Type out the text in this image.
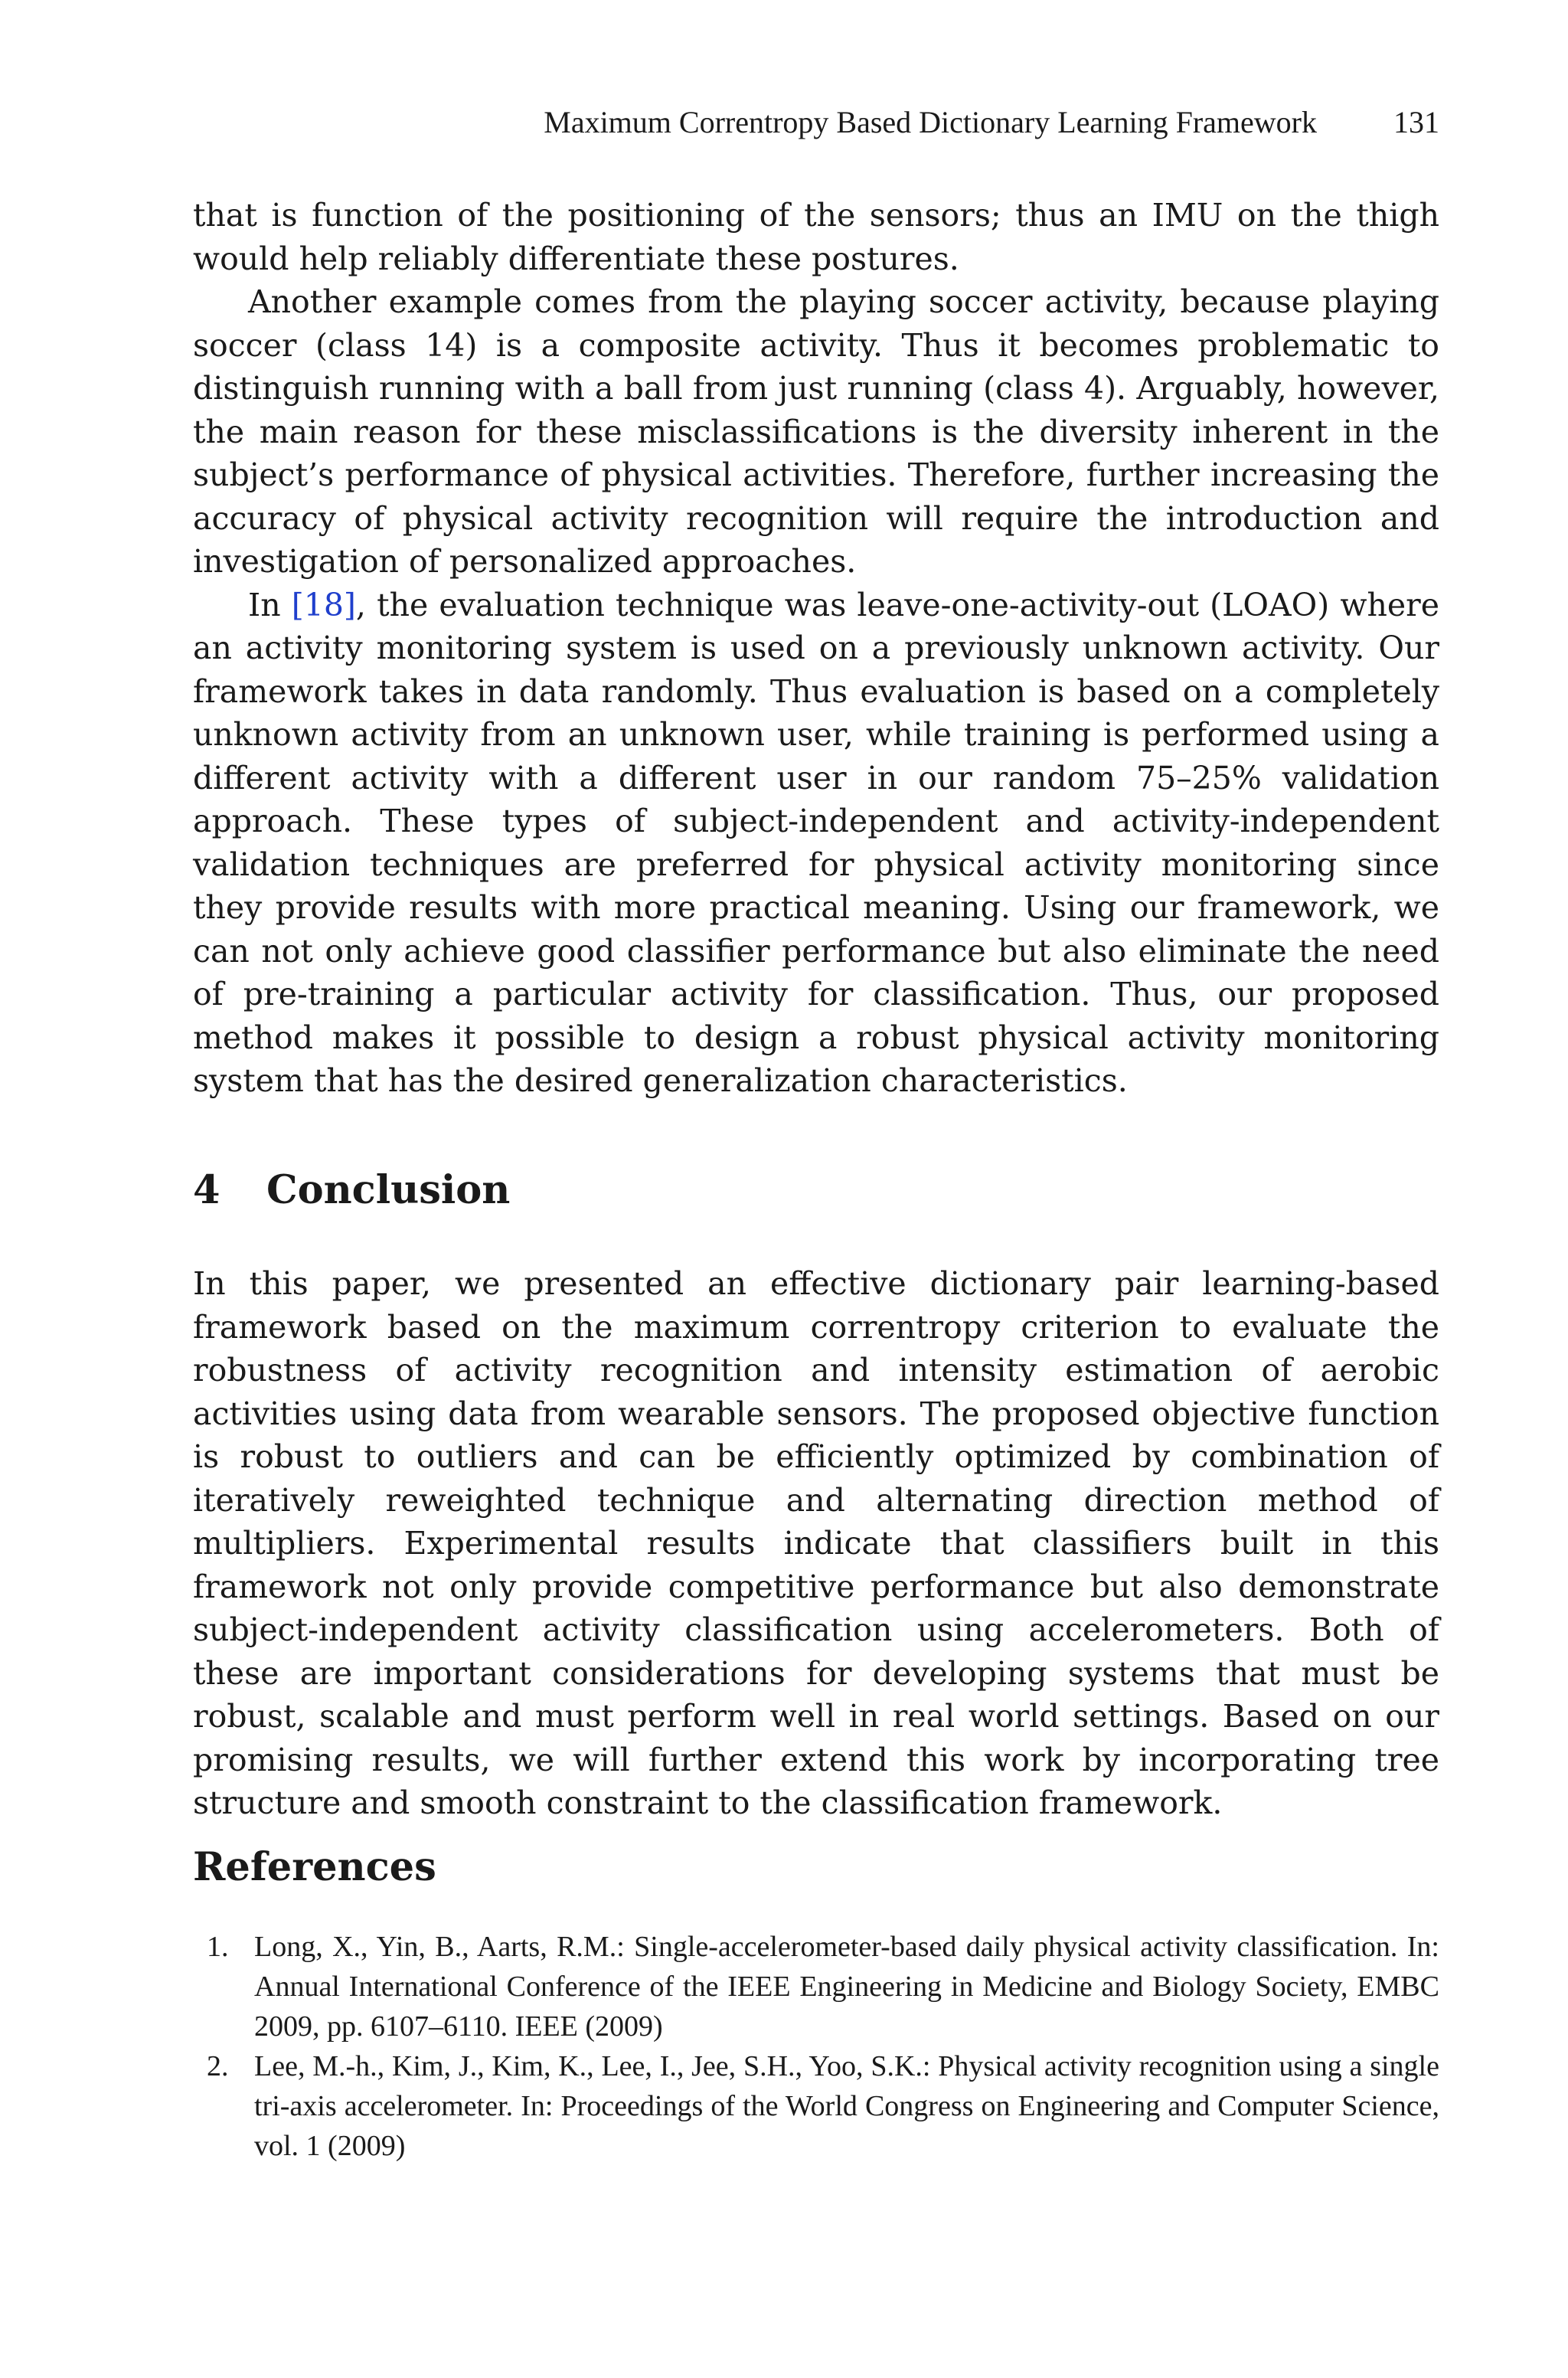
Maximum Correntropy Based Dictionary Learning Framework	131

that is function of the positioning of the sensors; thus an IMU on the thigh would help reliably differentiate these postures.

Another example comes from the playing soccer activity, because playing soccer (class 14) is a composite activity. Thus it becomes problematic to distinguish running with a ball from just running (class 4). Arguably, however, the main reason for these misclassifications is the diversity inherent in the subject’s performance of physical activities. Therefore, further increasing the accuracy of physical activity recognition will require the introduction and investigation of personalized approaches.

In [18], the evaluation technique was leave-one-activity-out (LOAO) where an activity monitoring system is used on a previously unknown activity. Our framework takes in data randomly. Thus evaluation is based on a completely unknown activity from an unknown user, while training is performed using a different activity with a different user in our random 75–25% validation approach. These types of subject-independent and activity-independent validation techniques are preferred for physical activity monitoring since they provide results with more practical meaning. Using our framework, we can not only achieve good classifier performance but also eliminate the need of pre-training a particular activity for classification. Thus, our proposed method makes it possible to design a robust physical activity monitoring system that has the desired generalization characteristics.

4 Conclusion

In this paper, we presented an effective dictionary pair learning-based framework based on the maximum correntropy criterion to evaluate the robustness of activity recognition and intensity estimation of aerobic activities using data from wearable sensors. The proposed objective function is robust to outliers and can be efficiently optimized by combination of iteratively reweighted technique and alternating direction method of multipliers. Experimental results indicate that classifiers built in this framework not only provide competitive performance but also demonstrate subject-independent activity classification using accelerometers. Both of these are important considerations for developing systems that must be robust, scalable and must perform well in real world settings. Based on our promising results, we will further extend this work by incorporating tree structure and smooth constraint to the classification framework.

References
1. Long, X., Yin, B., Aarts, R.M.: Single-accelerometer-based daily physical activity classification. In: Annual International Conference of the IEEE Engineering in Medicine and Biology Society, EMBC 2009, pp. 6107–6110. IEEE (2009)
2. Lee, M.-h., Kim, J., Kim, K., Lee, I., Jee, S.H., Yoo, S.K.: Physical activity recognition using a single tri-axis accelerometer. In: Proceedings of the World Congress on Engineering and Computer Science, vol. 1 (2009)
